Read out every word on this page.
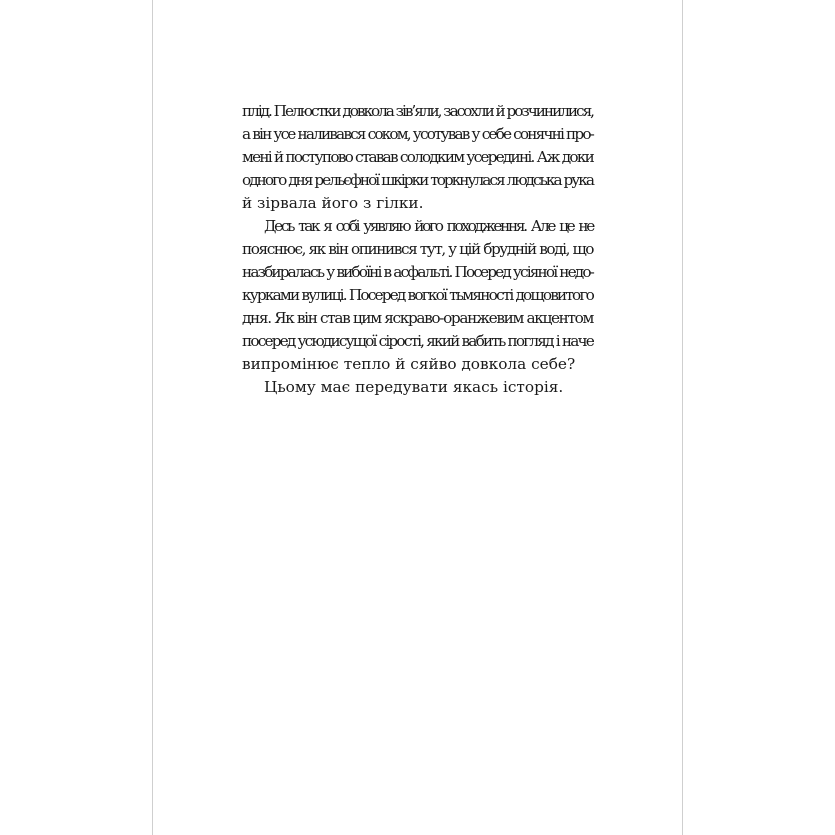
плід. Пелюстки довкола зів’яли, засохли й розчинилися,
а він усе наливався соком, усотував у себе сонячні про-
мені й поступово ставав солодким усередині. Аж доки
одного дня рельєфної шкірки торкнулася людська рука
й зірвала його з гілки.

Десь так я собі уявляю його походження. Але це не
пояснює, як він опинився тут, у цій брудній воді, що
назбиралась у вибоїні в асфальті. Посеред усіяної недо-
курками вулиці. Посеред вогкої тьмяності дощовитого
дня. Як він став цим яскраво-оранжевим акцентом
посеред усюдисущої сірості, який вабить погляд і наче
випромінює тепло й сяйво довкола себе?

Цьому має передувати якась історія.
